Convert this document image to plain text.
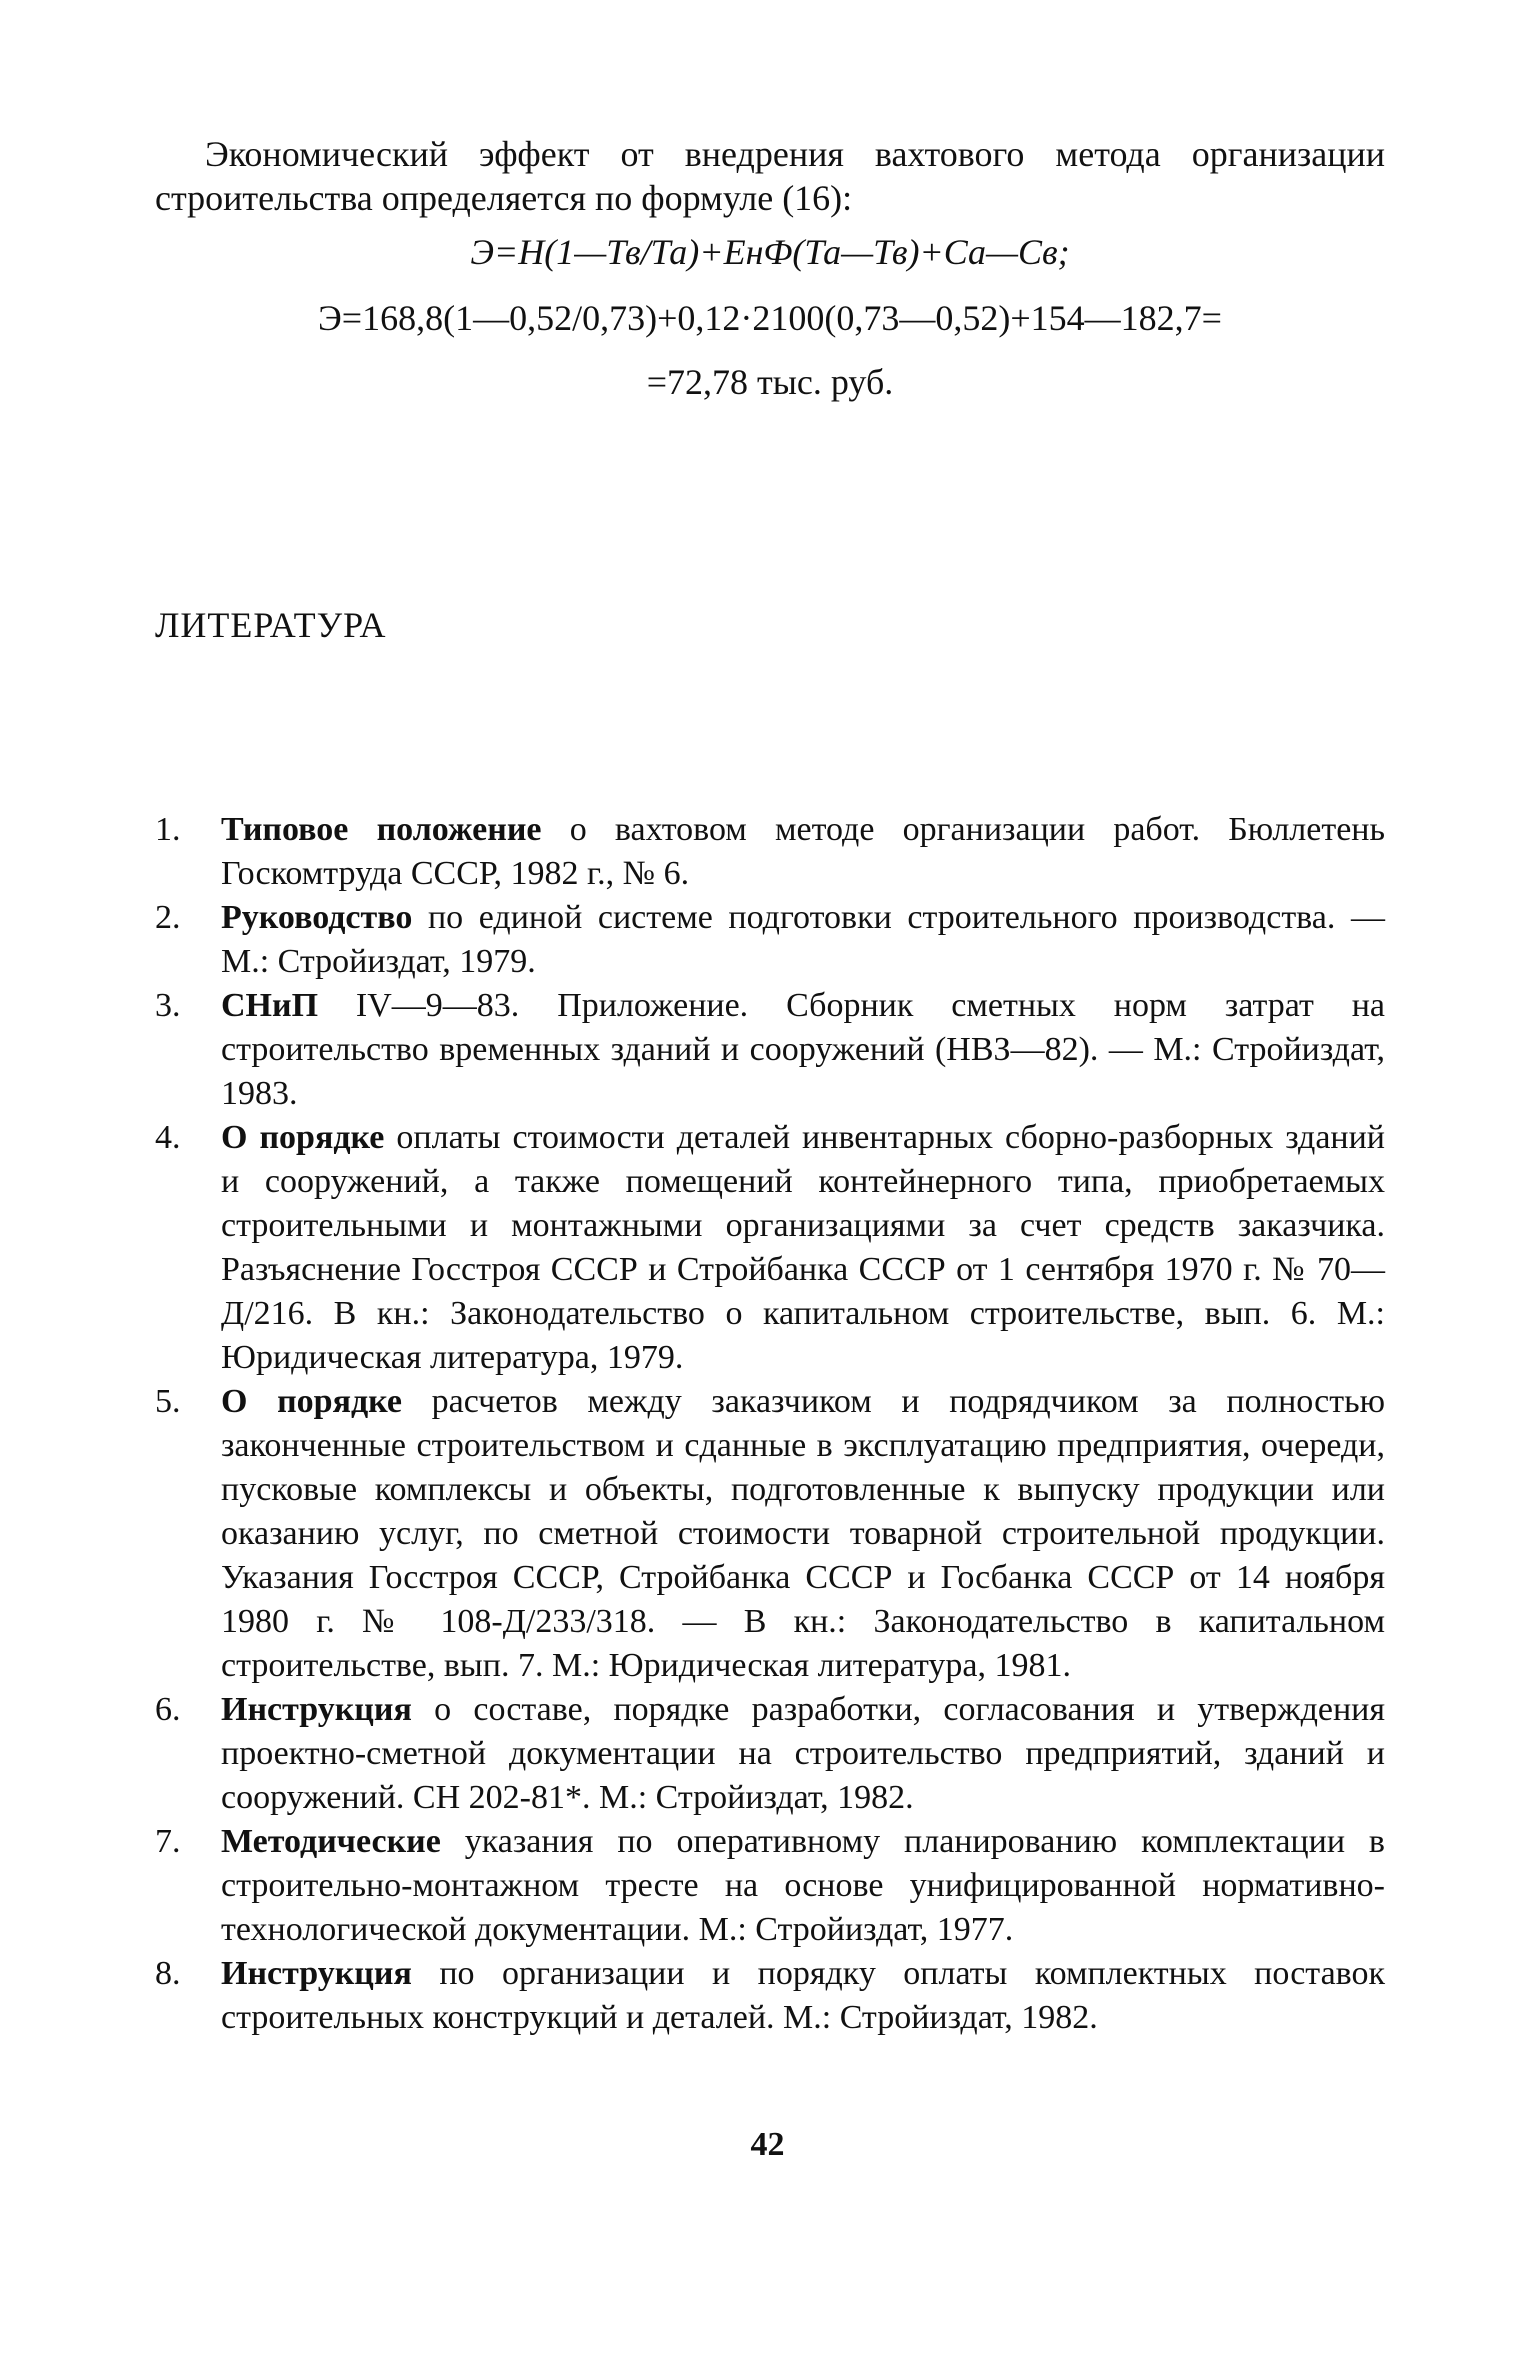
Экономический эффект от внедрения вахтового метода организации строительства определяется по формуле (16):

Э=Н(1—Тв/Та)+ЕнФ(Та—Тв)+Са—Св;

Э=168,8(1—0,52/0,73)+0,12·2100(0,73—0,52)+154—182,7=

=72,78 тыс. руб.

ЛИТЕРАТУРА
1. Типовое положение о вахтовом методе организации работ. Бюллетень Госкомтруда СССР, 1982 г., № 6.
2. Руководство по единой системе подготовки строительного производства. — М.: Стройиздат, 1979.
3. СНиП IV—9—83. Приложение. Сборник сметных норм затрат на строительство временных зданий и сооружений (НВЗ—82). — М.: Стройиздат, 1983.
4. О порядке оплаты стоимости деталей инвентарных сборно-разборных зданий и сооружений, а также помещений контейнерного типа, приобретаемых строительными и монтажными организациями за счет средств заказчика. Разъяснение Госстроя СССР и Стройбанка СССР от 1 сентября 1970 г. № 70—Д/216. В кн.: Законодательство о капитальном строительстве, вып. 6. М.: Юридическая литература, 1979.
5. О порядке расчетов между заказчиком и подрядчиком за полностью законченные строительством и сданные в эксплуатацию предприятия, очереди, пусковые комплексы и объекты, подготовленные к выпуску продукции или оказанию услуг, по сметной стоимости товарной строительной продукции. Указания Госстроя СССР, Стройбанка СССР и Госбанка СССР от 14 ноября 1980 г. № 108-Д/233/318. — В кн.: Законодательство в капитальном строительстве, вып. 7. М.: Юридическая литература, 1981.
6. Инструкция о составе, порядке разработки, согласования и утверждения проектно-сметной документации на строительство предприятий, зданий и сооружений. СН 202-81*. М.: Стройиздат, 1982.
7. Методические указания по оперативному планированию комплектации в строительно-монтажном тресте на основе унифицированной нормативно-технологической документации. М.: Стройиздат, 1977.
8. Инструкция по организации и порядку оплаты комплектных поставок строительных конструкций и деталей. М.: Стройиздат, 1982.
42
